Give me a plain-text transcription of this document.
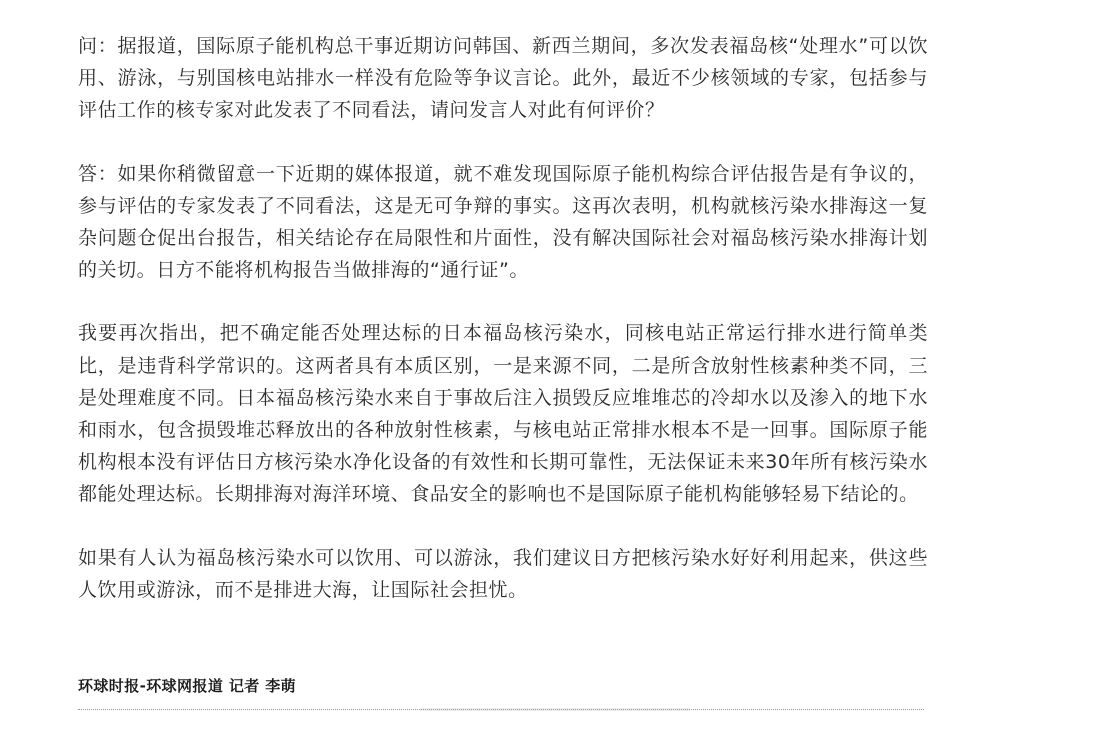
问：据报道，国际原子能机构总干事近期访问韩国、新西兰期间，多次发表福岛核“处理水”可以饮用、游泳，与别国核电站排水一样没有危险等争议言论。此外，最近不少核领域的专家，包括参与评估工作的核专家对此发表了不同看法，请问发言人对此有何评价？

答：如果你稍微留意一下近期的媒体报道，就不难发现国际原子能机构综合评估报告是有争议的，参与评估的专家发表了不同看法，这是无可争辩的事实。这再次表明，机构就核污染水排海这一复杂问题仓促出台报告，相关结论存在局限性和片面性，没有解决国际社会对福岛核污染水排海计划的关切。日方不能将机构报告当做排海的“通行证”。

我要再次指出，把不确定能否处理达标的日本福岛核污染水，同核电站正常运行排水进行简单类比，是违背科学常识的。这两者具有本质区别，一是来源不同，二是所含放射性核素种类不同，三是处理难度不同。日本福岛核污染水来自于事故后注入损毁反应堆堆芯的冷却水以及渗入的地下水和雨水，包含损毁堆芯释放出的各种放射性核素，与核电站正常排水根本不是一回事。国际原子能机构根本没有评估日方核污染水净化设备的有效性和长期可靠性，无法保证未来30年所有核污染水都能处理达标。长期排海对海洋环境、食品安全的影响也不是国际原子能机构能够轻易下结论的。

如果有人认为福岛核污染水可以饮用、可以游泳，我们建议日方把核污染水好好利用起来，供这些人饮用或游泳，而不是排进大海，让国际社会担忧。

环球时报-环球网报道 记者 李萌
